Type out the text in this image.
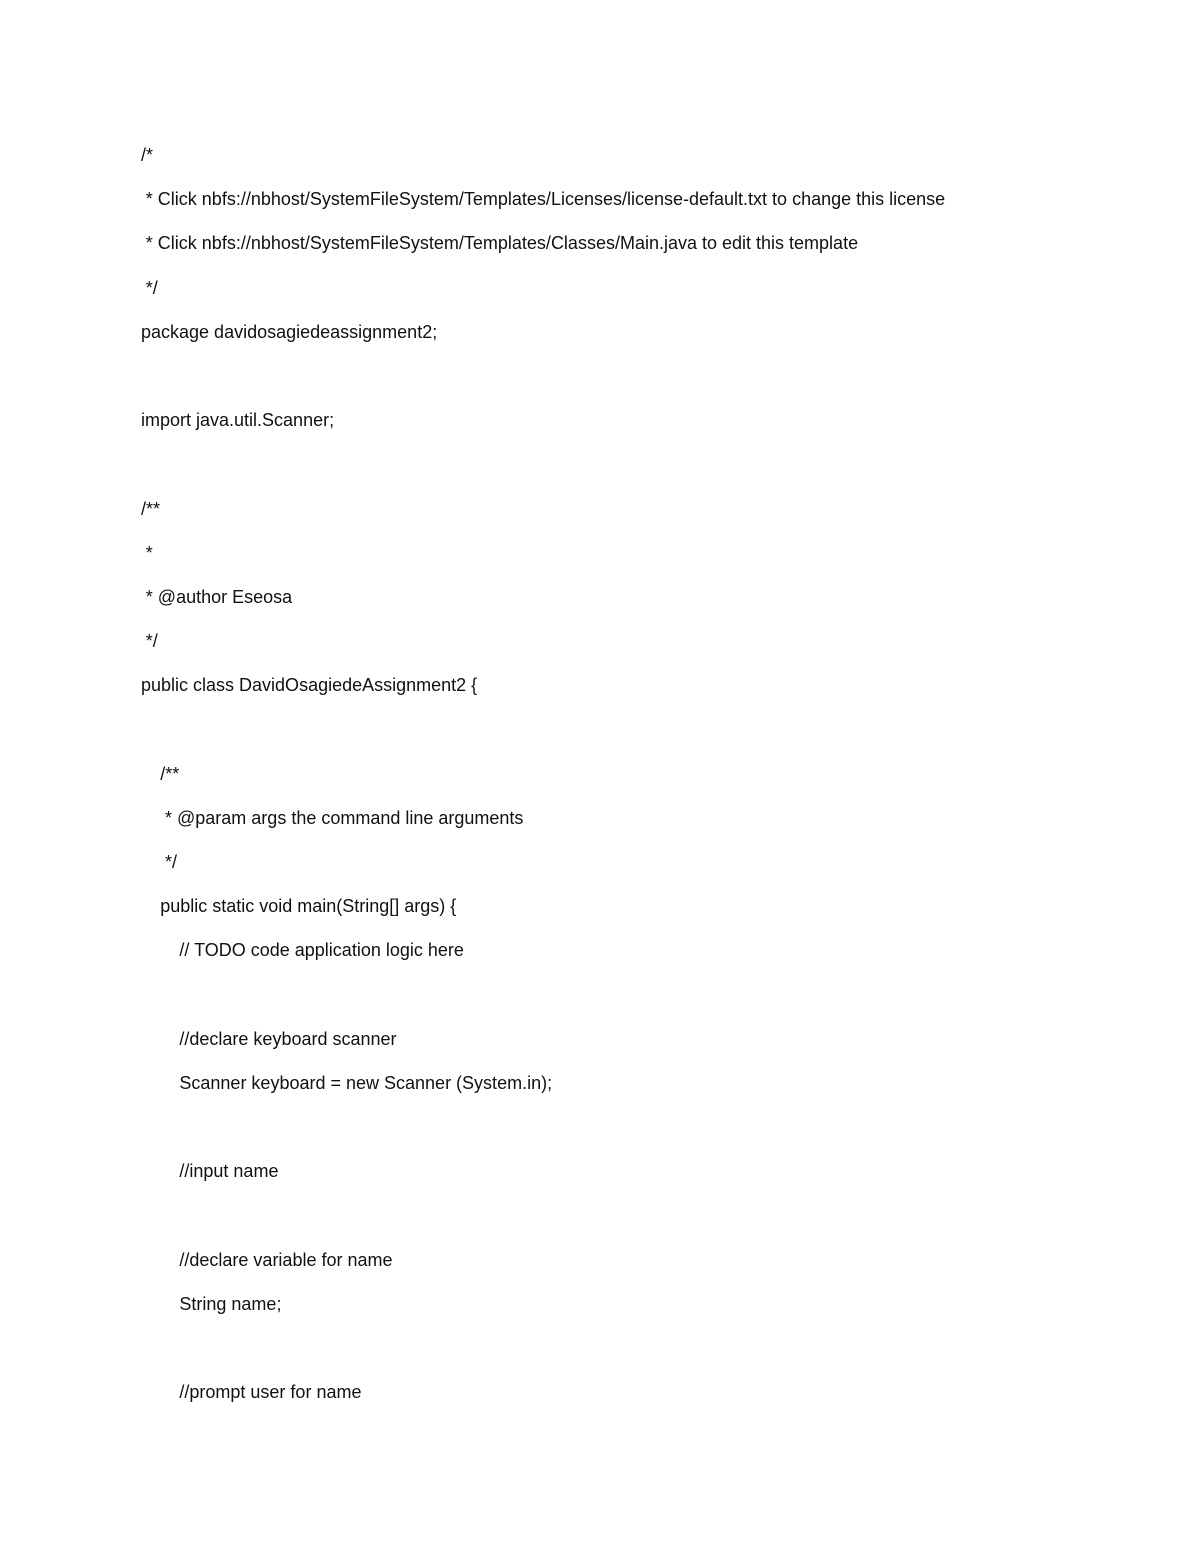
/*
* Click nbfs://nbhost/SystemFileSystem/Templates/Licenses/license-default.txt to change this license
* Click nbfs://nbhost/SystemFileSystem/Templates/Classes/Main.java to edit this template
*/
package davidosagiedeassignment2;
import java.util.Scanner;
/**
*
* @author Eseosa
*/
public class DavidOsagiedeAssignment2 {
/**
* @param args the command line arguments
*/
public static void main(String[] args) {
// TODO code application logic here
//declare keyboard scanner
Scanner keyboard = new Scanner (System.in);
//input name
//declare variable for name
String name;
//prompt user for name
